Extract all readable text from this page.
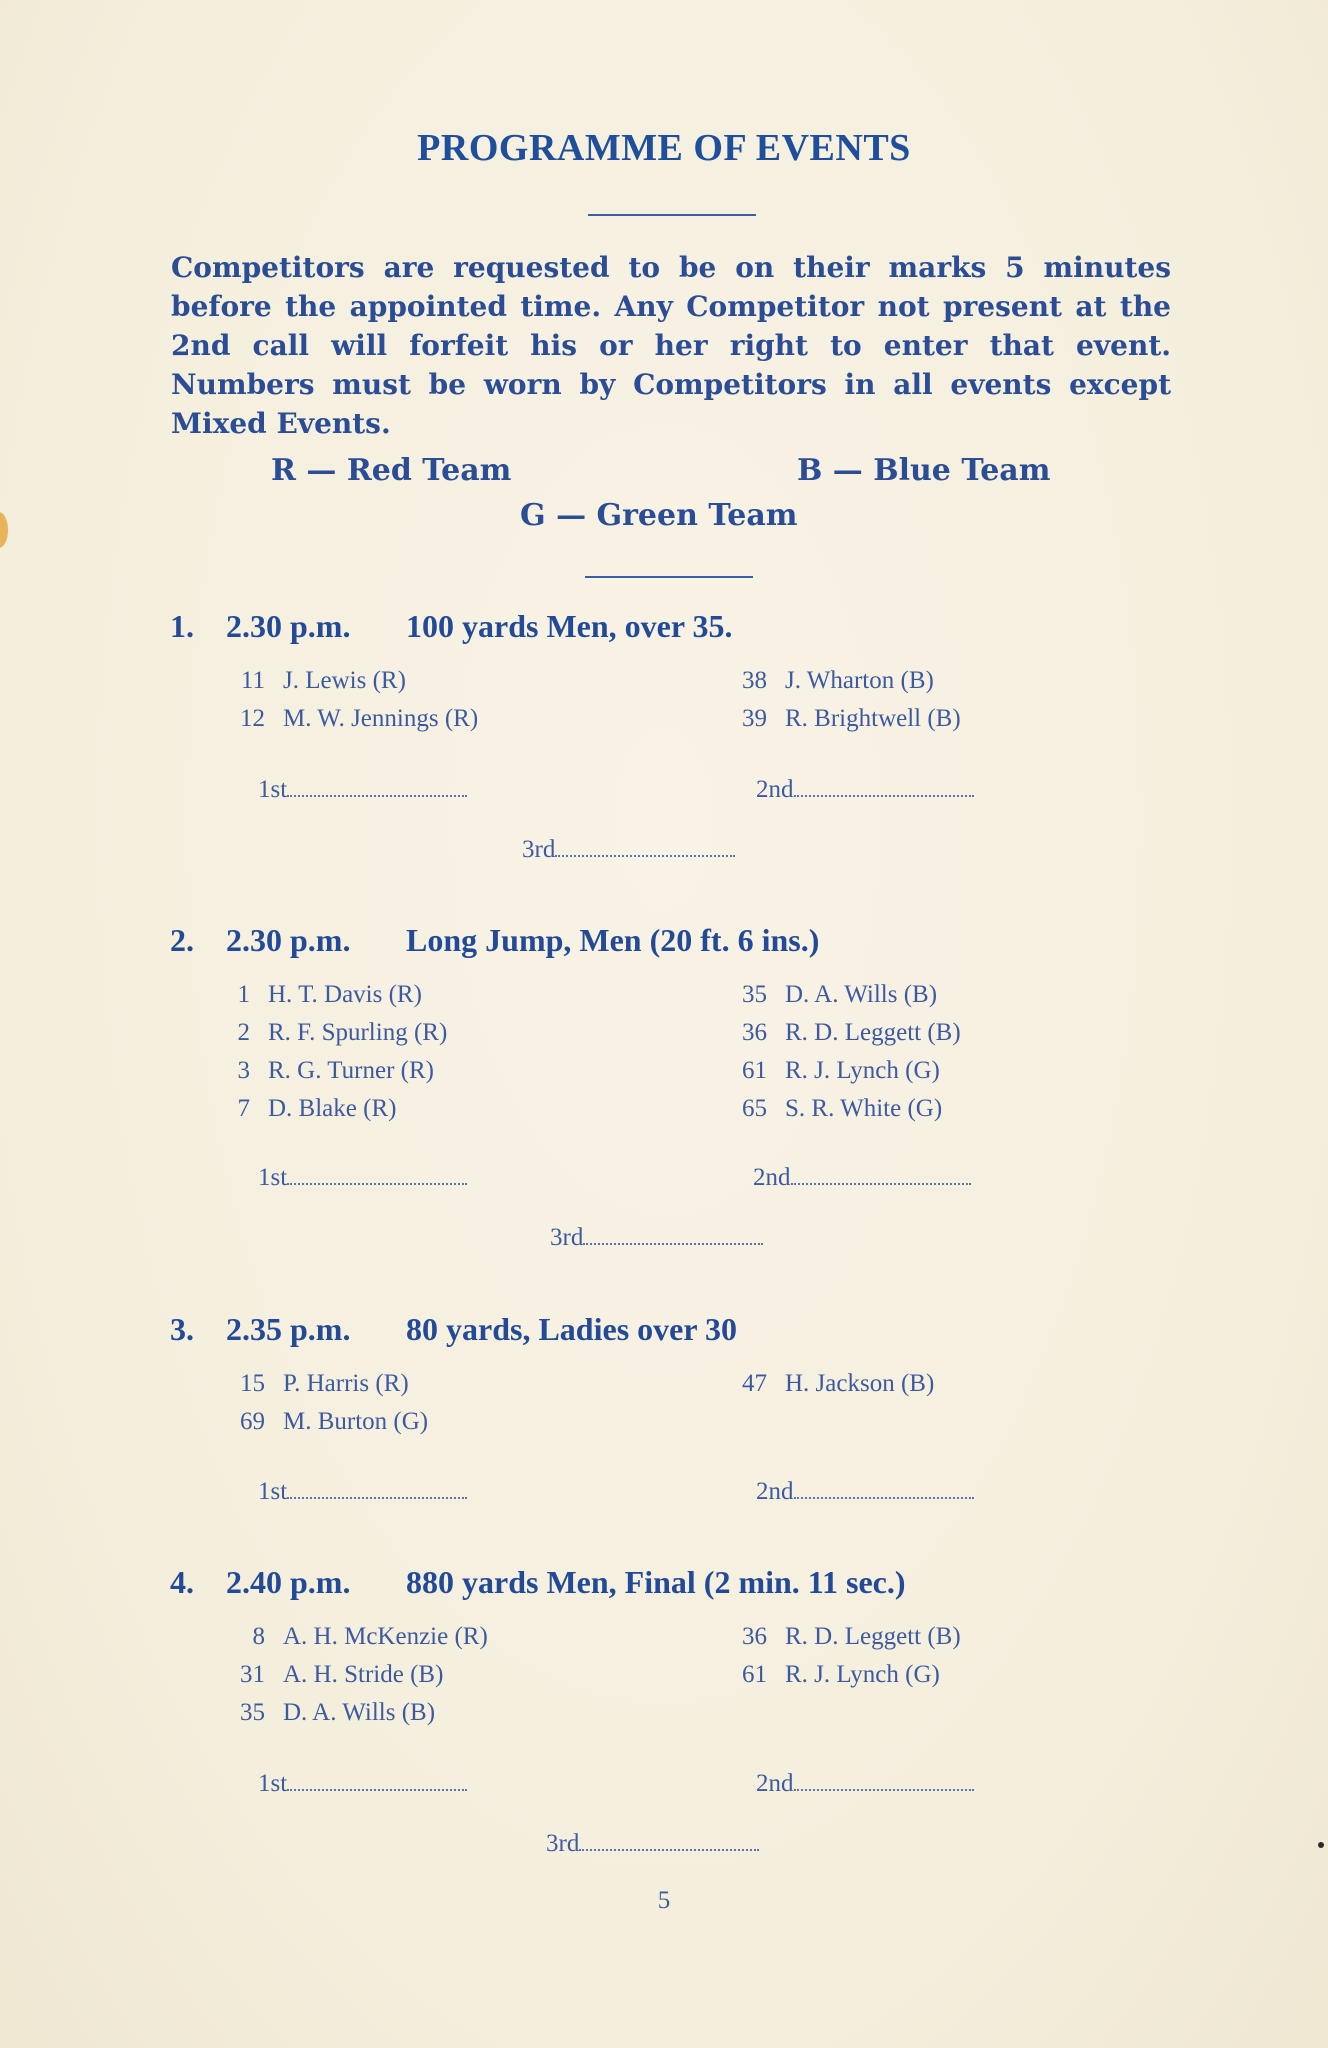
PROGRAMME OF EVENTS
Competitors are requested to be on their marks 5 minutes before the appointed time. Any Competitor not present at the 2nd call will forfeit his or her right to enter that event. Numbers must be worn by Competitors in all events except Mixed Events.
R — Red Team	B — Blue Team
G — Green Team
1. 2.30 p.m. 100 yards Men, over 35.
11 J. Lewis (R)
12 M. W. Jennings (R)
38 J. Wharton (B)
39 R. Brightwell (B)
1st	2nd
3rd
2. 2.30 p.m. Long Jump, Men (20 ft. 6 ins.)
1 H. T. Davis (R)
2 R. F. Spurling (R)
3 R. G. Turner (R)
7 D. Blake (R)
35 D. A. Wills (B)
36 R. D. Leggett (B)
61 R. J. Lynch (G)
65 S. R. White (G)
1st	2nd
3rd
3. 2.35 p.m. 80 yards, Ladies over 30
15 P. Harris (R)
69 M. Burton (G)
47 H. Jackson (B)
1st	2nd
4. 2.40 p.m. 880 yards Men, Final (2 min. 11 sec.)
8 A. H. McKenzie (R)
31 A. H. Stride (B)
35 D. A. Wills (B)
36 R. D. Leggett (B)
61 R. J. Lynch (G)
1st	2nd
3rd
5
